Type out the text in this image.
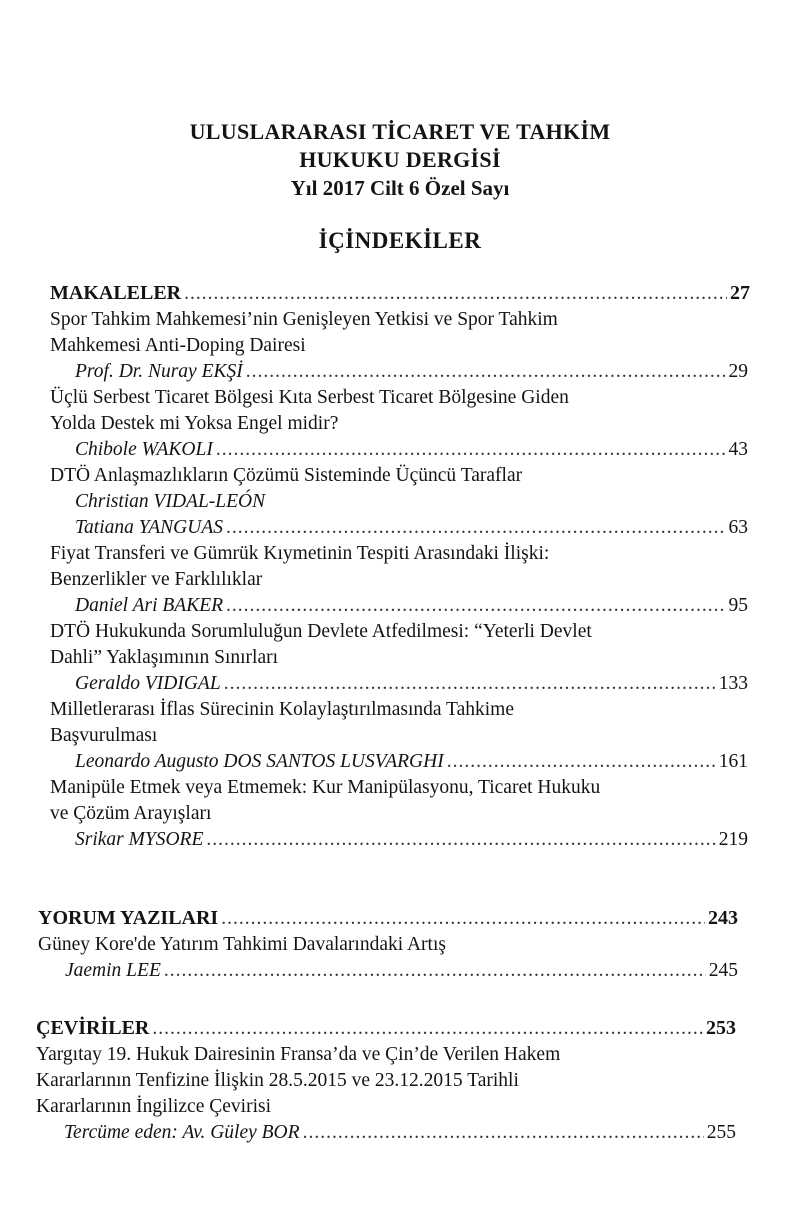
ULUSLARARASI TİCARET VE TAHKİM
HUKUKU DERGİSİ
Yıl 2017 Cilt 6 Özel Sayı
İÇİNDEKİLER
MAKALELER .....	27
Spor Tahkim Mahkemesi’nin Genişleyen Yetkisi ve Spor Tahkim
Mahkemesi Anti-Doping Dairesi
Prof. Dr. Nuray EKŞİ .....	29
Üçlü Serbest Ticaret Bölgesi Kıta Serbest Ticaret Bölgesine Giden
Yolda Destek mi Yoksa Engel midir?
Chibole WAKOLI .....	43
DTÖ Anlaşmazlıkların Çözümü Sisteminde Üçüncü Taraflar
Christian VIDAL-LEÓN
Tatiana YANGUAS .....	63
Fiyat Transferi ve Gümrük Kıymetinin Tespiti Arasındaki İlişki:
Benzerlikler ve Farklılıklar
Daniel Ari BAKER .....	95
DTÖ Hukukunda Sorumluluğun Devlete Atfedilmesi: “Yeterli Devlet
Dahli” Yaklaşımının Sınırları
Geraldo VIDIGAL .....	133
Milletlerarası İflas Sürecinin Kolaylaştırılmasında Tahkime
Başvurulması
Leonardo Augusto DOS SANTOS LUSVARGHI .....	161
Manipüle Etmek veya Etmemek: Kur Manipülasyonu, Ticaret Hukuku
ve Çözüm Arayışları
Srikar MYSORE .....	219
YORUM YAZILARI .....	243
Güney Kore'de Yatırım Tahkimi Davalarındaki Artış
Jaemin LEE .....	245
ÇEVİRİLER .....	253
Yargıtay 19. Hukuk Dairesinin Fransa’da ve Çin’de Verilen Hakem
Kararlarının Tenfizine İlişkin 28.5.2015 ve 23.12.2015 Tarihli
Kararlarının İngilizce Çevirisi
Tercüme eden: Av. Güley BOR .....	255
